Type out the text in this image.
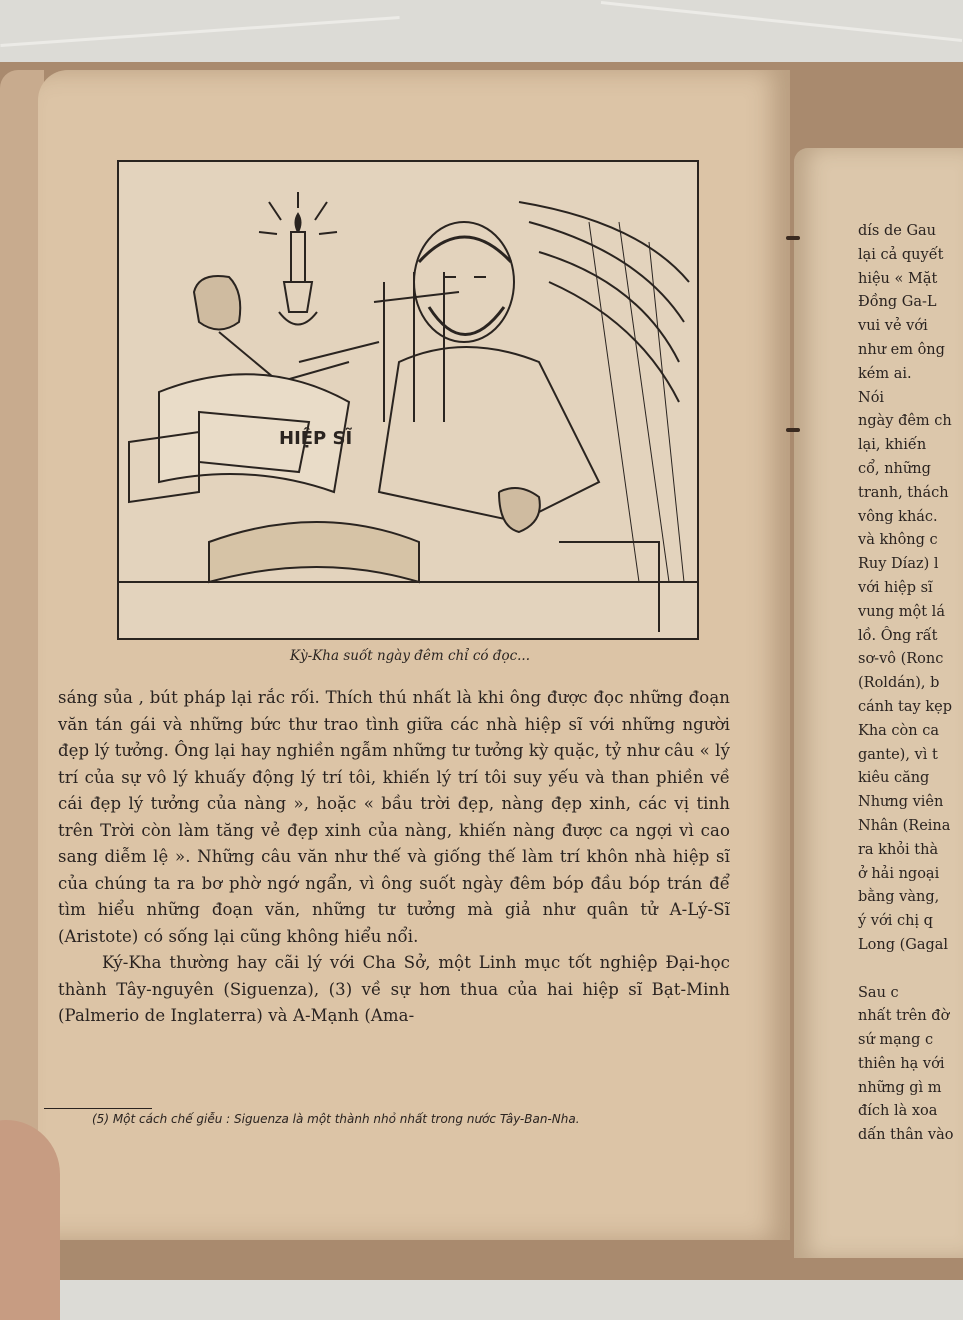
HIỆP SĨ
Kỳ-Kha suốt ngày đêm chỉ có đọc...

sáng sủa , bút pháp lại rắc rối. Thích thú nhất là khi ông được đọc những đoạn văn tán gái và những bức thư trao tình giữa các nhà hiệp sĩ với những người đẹp lý tưởng. Ông lại hay nghiền ngẫm những tư tưởng kỳ quặc, tỷ như câu « lý trí của sự vô lý khuấy động lý trí tôi, khiến lý trí tôi suy yếu và than phiền về cái đẹp lý tưởng của nàng », hoặc « bầu trời đẹp, nàng đẹp xinh, các vị tinh trên Trời còn làm tăng vẻ đẹp xinh của nàng, khiến nàng được ca ngợi vì cao sang diễm lệ ». Những câu văn như thế và giống thế làm trí khôn nhà hiệp sĩ của chúng ta ra bơ phờ ngớ ngẩn, vì ông suốt ngày đêm bóp đầu bóp trán để tìm hiểu những đoạn văn, những tư tưởng mà giả như quân tử A-Lý-Sĩ (Aristote) có sống lại cũng không hiểu nổi.

Ký-Kha thường hay cãi lý với Cha Sở, một Linh mục tốt nghiệp Đại-học thành Tây-nguyên (Siguenza), (3) về sự hơn thua của hai hiệp sĩ Bạt-Minh (Palmerio de Inglaterra) và A-Mạnh (Ama-

(5) Một cách chế giễu : Siguenza là một thành nhỏ nhất trong nước Tây-Ban-Nha.
dís de Gau
lại cả quyết
hiệu « Mặt
Đồng Ga-L
vui vẻ với
như em ông
kém ai.
Nói
ngày đêm ch
lại, khiến
cổ, những
tranh, thách
vông khác.
và không c
Ruy Díaz) l
với hiệp sĩ
vung một lá
lồ. Ông rất
sơ-vô (Ronc
(Roldán), b
cánh tay kẹp
Kha còn ca
gante), vì t
kiêu căng
Nhưng viên
Nhân (Reina
ra khỏi thà
ở hải ngoại
bằng vàng,
ý với chị q
Long (Gagal
Sau c
nhất trên đờ
sứ mạng c
thiên hạ với
những gì m
đích là xoa
dấn thân vào
